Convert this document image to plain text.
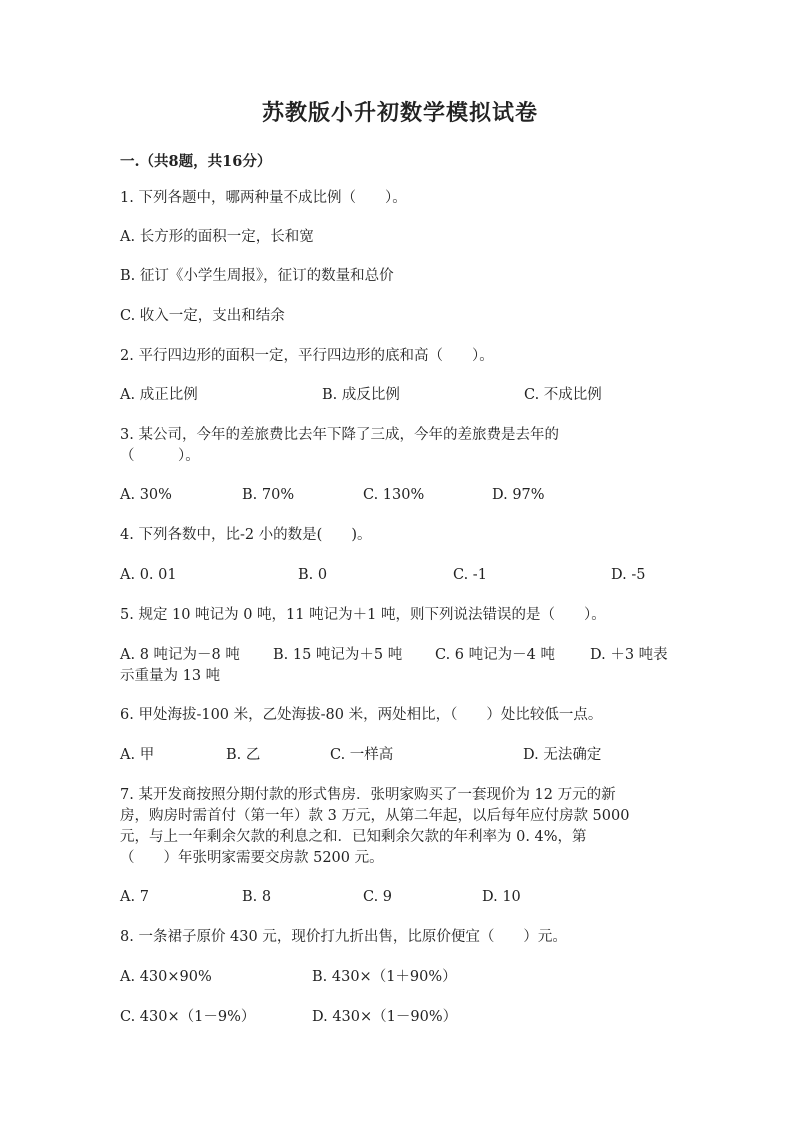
苏教版小升初数学模拟试卷
一.（共8题，共16分）
1. 下列各题中，哪两种量不成比例（　　）。
A. 长方形的面积一定，长和宽
B. 征订《小学生周报》，征订的数量和总价
C. 收入一定，支出和结余
2. 平行四边形的面积一定，平行四边形的底和高（　　）。
A. 成正比例	B. 成反比例	C. 不成比例
3. 某公司，今年的差旅费比去年下降了三成，今年的差旅费是去年的
（　　　）。
A. 30%	B. 70%	C. 130%	D. 97%
4. 下列各数中，比-2 小的数是(　　)。
A. 0. 01	B. 0	C. -1	D. -5
5. 规定 10 吨记为 0 吨，11 吨记为＋1 吨，则下列说法错误的是（　　）。
A. 8 吨记为－8 吨 B. 15 吨记为＋5 吨 C. 6 吨记为－4 吨 D. ＋3 吨表
示重量为 13 吨
6. 甲处海拔-100 米，乙处海拔-80 米，两处相比，（　　）处比较低一点。
A. 甲	B. 乙	C. 一样高	D. 无法确定
7. 某开发商按照分期付款的形式售房．张明家购买了一套现价为 12 万元的新
房，购房时需首付（第一年）款 3 万元，从第二年起，以后每年应付房款 5000
元，与上一年剩余欠款的利息之和．已知剩余欠款的年利率为 0. 4%，第
（　　）年张明家需要交房款 5200 元。
A. 7	B. 8	C. 9	D. 10
8. 一条裙子原价 430 元，现价打九折出售，比原价便宜（　　）元。
A. 430×90%	B. 430×（1＋90%）
C. 430×（1－9%）	D. 430×（1－90%）
